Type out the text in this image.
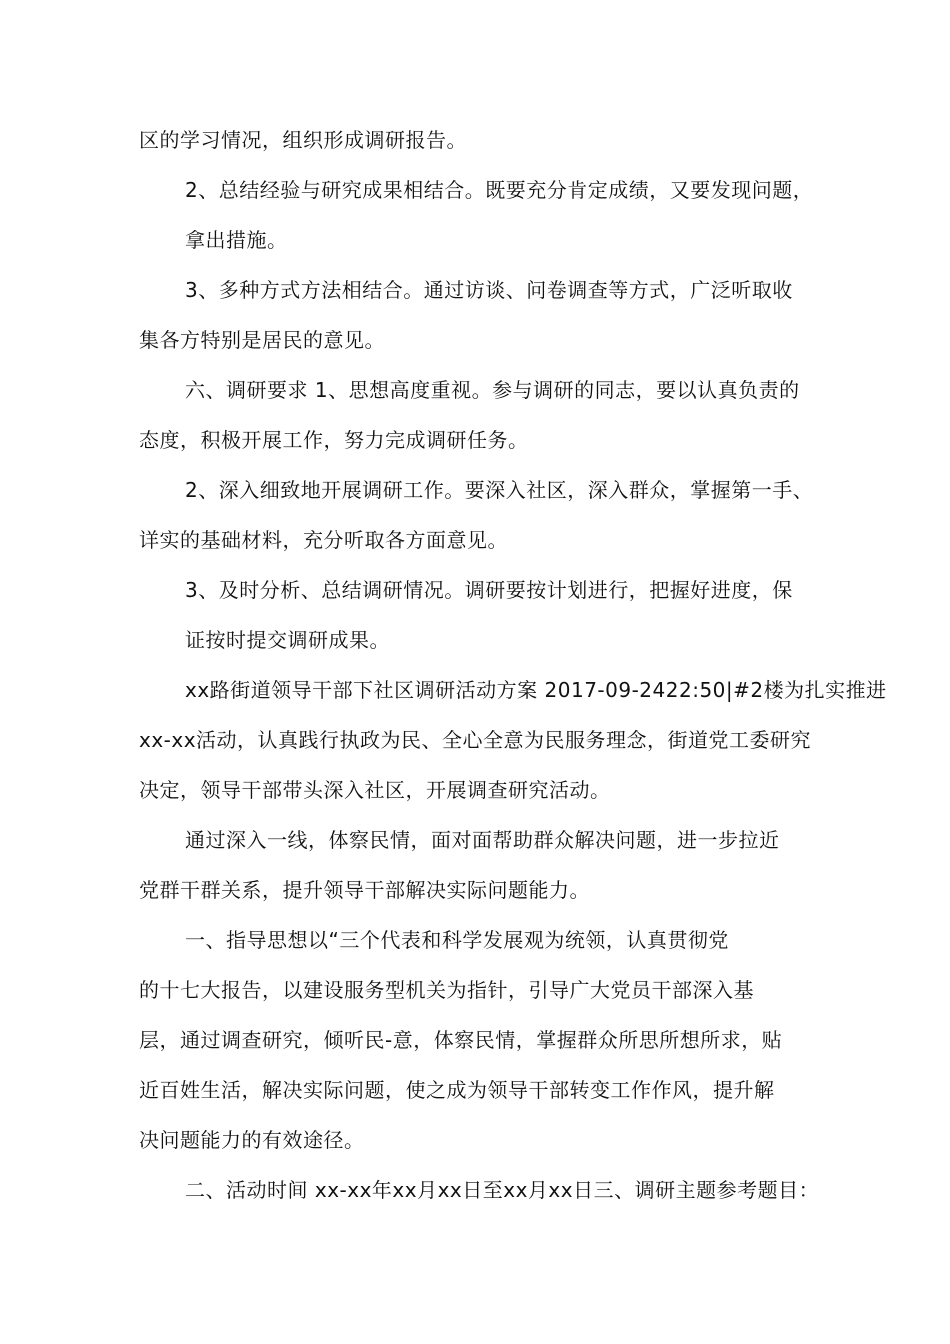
区的学习情况，组织形成调研报告。
2、总结经验与研究成果相结合。既要充分肯定成绩，又要发现问题，
拿出措施。
3、多种方式方法相结合。通过访谈、问卷调查等方式，广泛听取收
集各方特别是居民的意见。
六、调研要求 1、思想高度重视。参与调研的同志，要以认真负责的
态度，积极开展工作，努力完成调研任务。
2、深入细致地开展调研工作。要深入社区，深入群众，掌握第一手、
详实的基础材料，充分听取各方面意见。
3、及时分析、总结调研情况。调研要按计划进行，把握好进度，保
证按时提交调研成果。
xx路街道领导干部下社区调研活动方案 2017-09-2422:50|#2楼为扎实推进
xx-xx活动，认真践行执政为民、全心全意为民服务理念，街道党工委研究
决定，领导干部带头深入社区，开展调查研究活动。
通过深入一线，体察民情，面对面帮助群众解决问题，进一步拉近
党群干群关系，提升领导干部解决实际问题能力。
一、指导思想以“三个代表和科学发展观为统领，认真贯彻党
的十七大报告，以建设服务型机关为指针，引导广大党员干部深入基
层，通过调查研究，倾听民-意，体察民情，掌握群众所思所想所求，贴
近百姓生活，解决实际问题，使之成为领导干部转变工作作风，提升解
决问题能力的有效途径。
二、活动时间 xx-xx年xx月xx日至xx月xx日三、调研主题参考题目：
